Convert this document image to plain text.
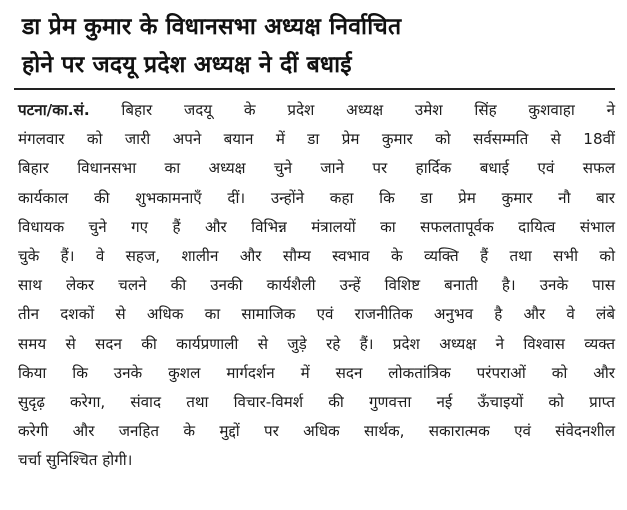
डा प्रेम कुमार के विधानसभा अध्यक्ष निर्वाचित
होने पर जदयू प्रदेश अध्यक्ष ने दीं बधाई
पटना/का.सं. बिहार जदयू के प्रदेश अध्यक्ष उमेश सिंह कुशवाहा ने
मंगलवार को जारी अपने बयान में डा प्रेम कुमार को सर्वसम्मति से 18वीं
बिहार विधानसभा का अध्यक्ष चुने जाने पर हार्दिक बधाई एवं सफल
कार्यकाल की शुभकामनाएँ दीं। उन्होंने कहा कि डा प्रेम कुमार नौ बार
विधायक चुने गए हैं और विभिन्न मंत्रालयों का सफलतापूर्वक दायित्व संभाल
चुके हैं। वे सहज, शालीन और सौम्य स्वभाव के व्यक्ति हैं तथा सभी को
साथ लेकर चलने की उनकी कार्यशैली उन्हें विशिष्ट बनाती है। उनके पास
तीन दशकों से अधिक का सामाजिक एवं राजनीतिक अनुभव है और वे लंबे
समय से सदन की कार्यप्रणाली से जुड़े रहे हैं। प्रदेश अध्यक्ष ने विश्वास व्यक्त
किया कि उनके कुशल मार्गदर्शन में सदन लोकतांत्रिक परंपराओं को और
सुदृढ़ करेगा, संवाद तथा विचार-विमर्श की गुणवत्ता नई ऊँचाइयों को प्राप्त
करेगी और जनहित के मुद्दों पर अधिक सार्थक, सकारात्मक एवं संवेदनशील
चर्चा सुनिश्चित होगी।
